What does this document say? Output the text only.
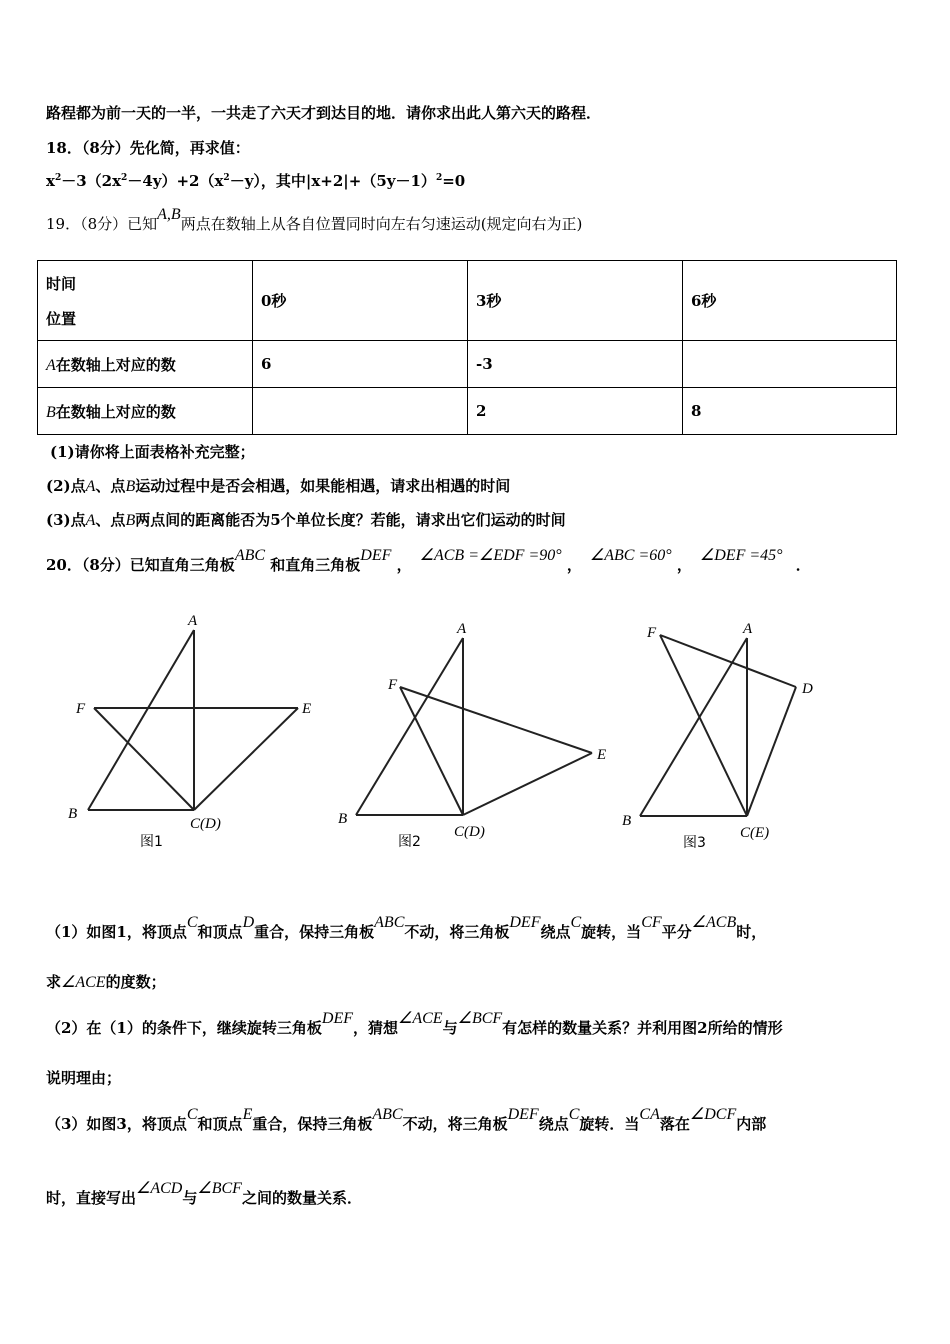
路程都为前一天的一半，一共走了六天才到达目的地．请你求出此人第六天的路程．
18．（8分）先化简，再求值：
$x^2-3(2x^2-4y)+2(x^2-y)$，其中$|x+2|+(5y-1)^2=0$
19．（8分）已知A,B两点在数轴上从各自位置同时向左右匀速运动(规定向右为正)
时间
位置	0秒	3秒	6秒
A在数轴上对应的数	6	-3	
B在数轴上对应的数		2	8
(1)请你将上面表格补充完整；
(2)点A、点B运动过程中是否会相遇，如果能相遇，请求出相遇的时间
(3)点A、点B两点间的距离能否为5个单位长度？若能，请求出它们运动的时间
20．（8分）已知直角三角板ABC 和直角三角板DEF ，∠ACB =∠EDF =90° ，∠ABC =60° ，∠DEF =45° ．
A
F	E
B
C(D)
图1
A
F
E
B
C(D)
图2
F	A
D
B
C(E)
图3
（1）如图1，将顶点C和顶点D重合，保持三角板ABC不动，将三角板DEF绕点C旋转，当CF平分∠ACB时，
求∠ACE的度数；
（2）在（1）的条件下，继续旋转三角板DEF，猜想∠ACE与∠BCF有怎样的数量关系？并利用图2所给的情形
说明理由；
（3）如图3，将顶点C和顶点E重合，保持三角板ABC不动，将三角板DEF绕点C旋转．当CA落在∠DCF内部
时，直接写出∠ACD与∠BCF之间的数量关系．
